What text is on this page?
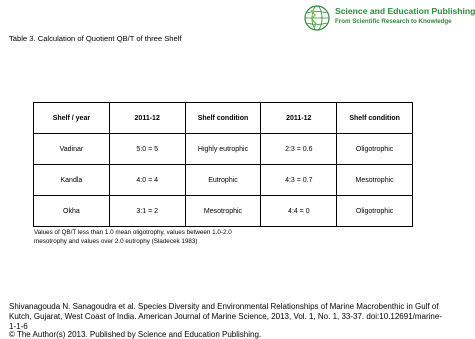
Science and Education Publishing
From Scientific Research to Knowledge
Table 3. Calculation of Quotient QB/T of three Shelf
Shelf / year	2011-12	Shelf condition	2011-12	Shelf condition
Vadinar	5:0 = 5	Highly eutrophic	2:3 = 0.6	Oligotrophic
Kandla	4:0 = 4	Eutrophic	4:3 = 0.7	Mesotrophic
Okha	3:1 = 2	Mesotrophic	4:4 = 0	Oligotrophic
Values of QB/T less than 1.0 mean oligotrophy, values between 1.0-2.0 mesotrophy and values over 2.0 eutrophy (Sladecek 1983)
Shivanagouda N. Sanagoudra et al. Species Diversity and Environmental Relationships of Marine Macrobenthic in Gulf of Kutch, Gujarat, West Coast of India. American Journal of Marine Science, 2013, Vol. 1, No. 1, 33-37. doi:10.12691/marine-1-1-6
© The Author(s) 2013. Published by Science and Education Publishing.
